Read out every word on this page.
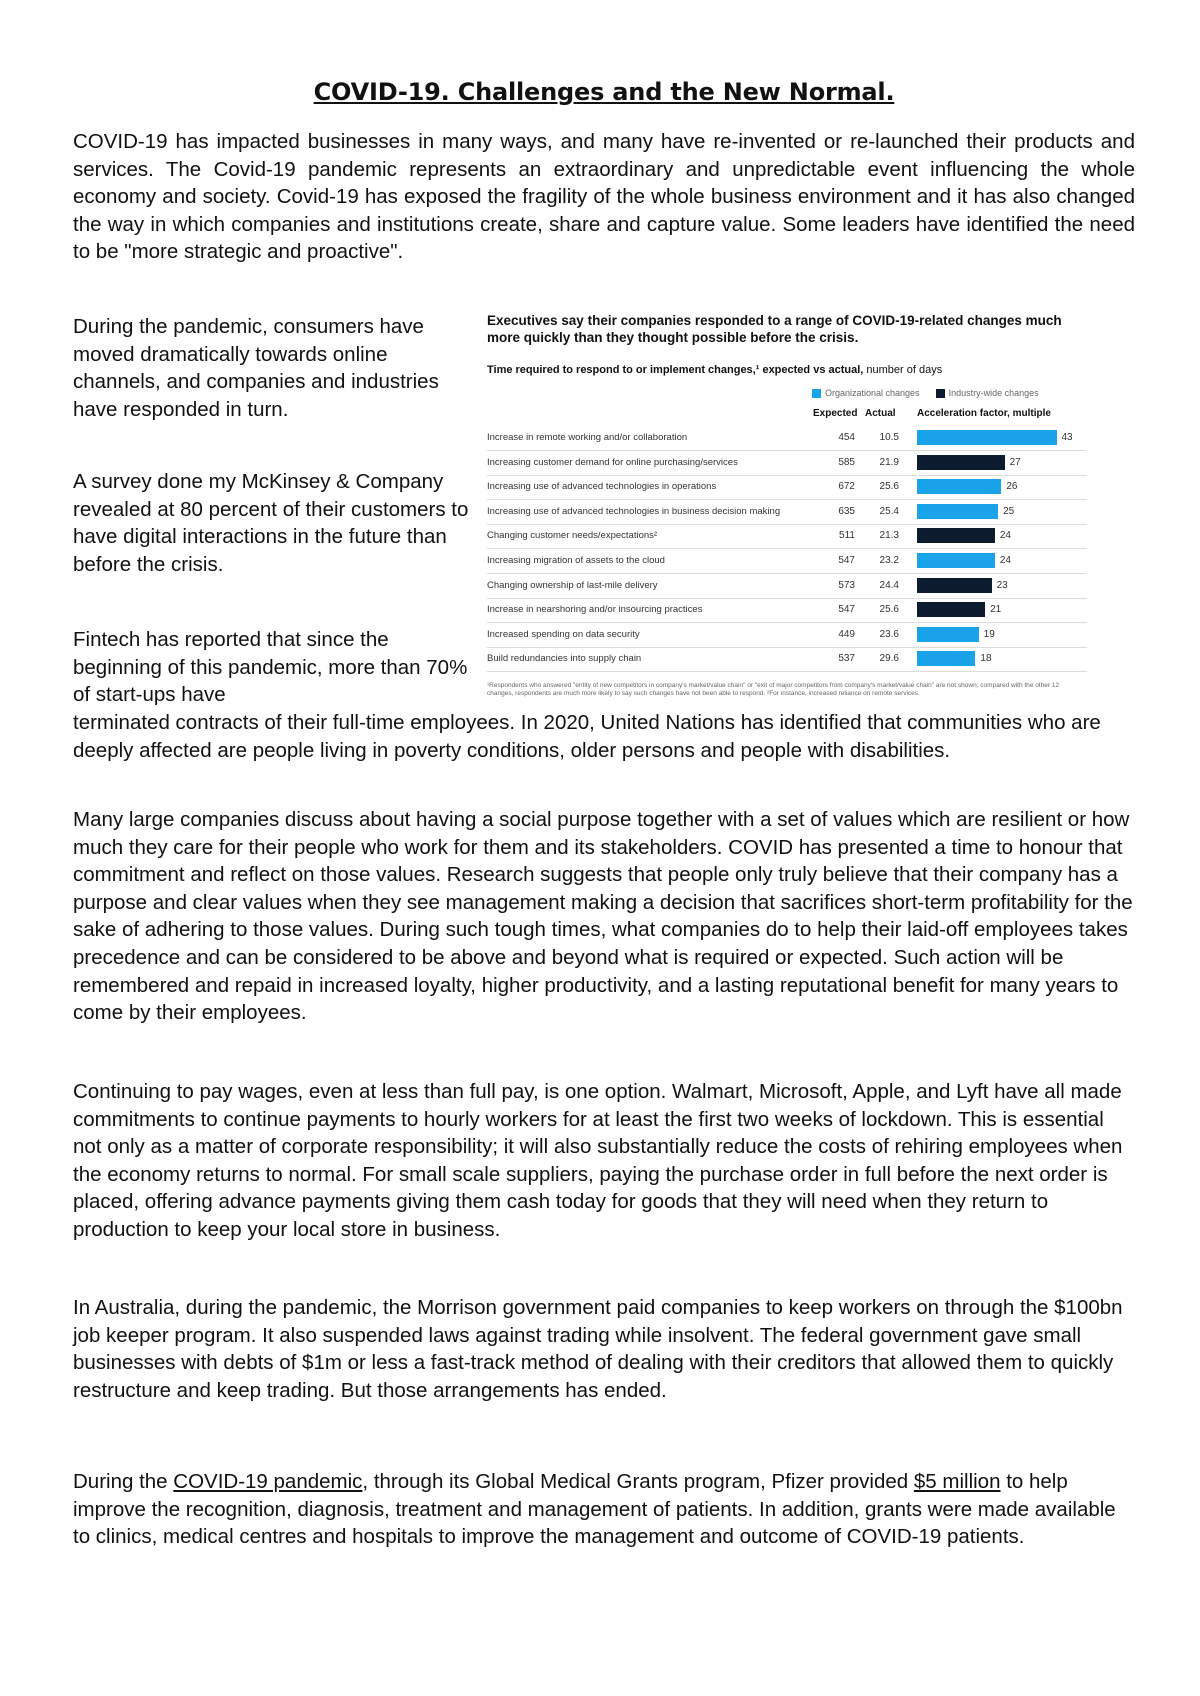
COVID-19. Challenges and the New Normal.

COVID-19 has impacted businesses in many ways, and many have re-invented or re-launched their products and services. The Covid-19 pandemic represents an extraordinary and unpredictable event influencing the whole economy and society. Covid-19 has exposed the fragility of the whole business environment and it has also changed the way in which companies and institutions create, share and capture value. Some leaders have identified the need to be "more strategic and proactive".

During the pandemic, consumers have moved dramatically towards online channels, and companies and industries have responded in turn.

A survey done my McKinsey & Company revealed at 80 percent of their customers to have digital interactions in the future than before the crisis.

Fintech has reported that since the beginning of this pandemic, more than 70% of start-ups have

terminated contracts of their full-time employees. In 2020, United Nations has identified that communities who are deeply affected are people living in poverty conditions, older persons and people with disabilities.

Many large companies discuss about having a social purpose together with a set of values which are resilient or how much they care for their people who work for them and its stakeholders. COVID has presented a time to honour that commitment and reflect on those values. Research suggests that people only truly believe that their company has a purpose and clear values when they see management making a decision that sacrifices short-term profitability for the sake of adhering to those values. During such tough times, what companies do to help their laid-off employees takes precedence and can be considered to be above and beyond what is required or expected. Such action will be remembered and repaid in increased loyalty, higher productivity, and a lasting reputational benefit for many years to come by their employees.

Continuing to pay wages, even at less than full pay, is one option. Walmart, Microsoft, Apple, and Lyft have all made commitments to continue payments to hourly workers for at least the first two weeks of lockdown. This is essential not only as a matter of corporate responsibility; it will also substantially reduce the costs of rehiring employees when the economy returns to normal. For small scale suppliers, paying the purchase order in full before the next order is placed, offering advance payments giving them cash today for goods that they will need when they return to production to keep your local store in business.

In Australia, during the pandemic, the Morrison government paid companies to keep workers on through the $100bn job keeper program. It also suspended laws against trading while insolvent. The federal government gave small businesses with debts of $1m or less a fast-track method of dealing with their creditors that allowed them to quickly restructure and keep trading. But those arrangements has ended.

During the COVID-19 pandemic, through its Global Medical Grants program, Pfizer provided $5 million to help improve the recognition, diagnosis, treatment and management of patients. In addition, grants were made available to clinics, medical centres and hospitals to improve the management and outcome of COVID-19 patients.

Executives say their companies responded to a range of COVID-19-related changes much more quickly than they thought possible before the crisis.
Time required to respond to or implement changes,¹ expected vs actual, number of days
Organizational changes	Industry-wide changes
Expected Actual Acceleration factor, multiple
Increase in remote working and/or collaboration	454	10.5	43
Increasing customer demand for online purchasing/services	585	21.9	27
Increasing use of advanced technologies in operations	672	25.6	26
Increasing use of advanced technologies in business decision making	635	25.4	25
Changing customer needs/expectations²	511	21.3	24
Increasing migration of assets to the cloud	547	23.2	24
Changing ownership of last-mile delivery	573	24.4	23
Increase in nearshoring and/or insourcing practices	547	25.6	21
Increased spending on data security	449	23.6	19
Build redundancies into supply chain	537	29.6	18
¹Respondents who answered "entity of new competitors in company's market/value chain" or "exit of major competitors from company's market/value chain" are not shown; compared with the other 12 changes, respondents are much more likely to say such changes have not been able to respond. ²For instance, increased reliance on remote services.
